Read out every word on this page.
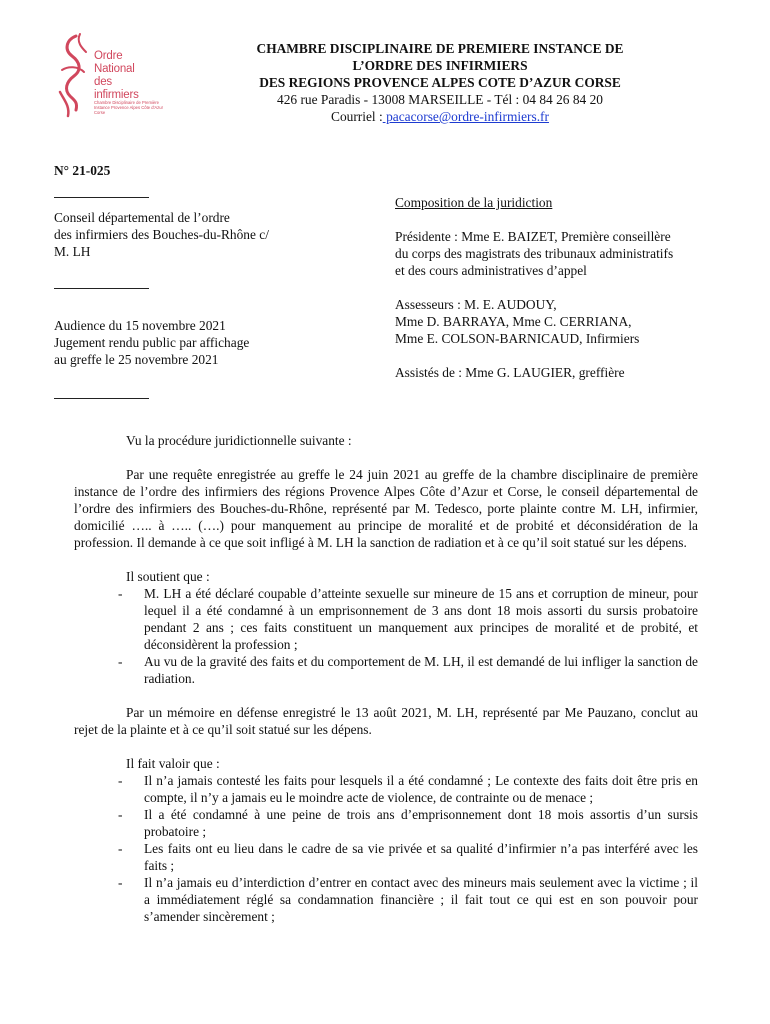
Ordre
National
des
infirmiers
Chambre Disciplinaire de Première Instance Provence Alpes Côte d'Azur Corse
CHAMBRE DISCIPLINAIRE DE PREMIERE INSTANCE DE
L’ORDRE DES INFIRMIERS
DES REGIONS PROVENCE ALPES COTE D’AZUR CORSE
426 rue Paradis - 13008 MARSEILLE - Tél : 04 84 26 84 20
Courriel : pacacorse@ordre-infirmiers.fr
N° 21-025
Conseil départemental de l’ordre
des infirmiers des Bouches-du-Rhône c/
M. LH
Audience du 15 novembre 2021
Jugement rendu public par affichage
au greffe le 25 novembre 2021
Composition de la juridiction
Présidente : Mme E. BAIZET, Première conseillère
du corps des magistrats des tribunaux administratifs
et des cours administratives d’appel
Assesseurs : M. E. AUDOUY,
Mme D. BARRAYA, Mme C. CERRIANA,
Mme E. COLSON-BARNICAUD, Infirmiers
Assistés de : Mme G. LAUGIER, greffière

Vu la procédure juridictionnelle suivante :

Par une requête enregistrée au greffe le 24 juin 2021 au greffe de la chambre disciplinaire de première instance de l’ordre des infirmiers des régions Provence Alpes Côte d’Azur et Corse, le conseil départemental de l’ordre des infirmiers des Bouches-du-Rhône, représenté par M. Tedesco, porte plainte contre M. LH, infirmier, domicilié ….. à ….. (….) pour manquement au principe de moralité et de probité et déconsidération de la profession. Il demande à ce que soit infligé à M. LH la sanction de radiation et à ce qu’il soit statué sur les dépens.

Il soutient que :

- M. LH a été déclaré coupable d’atteinte sexuelle sur mineure de 15 ans et corruption de mineur, pour lequel il a été condamné à un emprisonnement de 3 ans dont 18 mois assorti du sursis probatoire pendant 2 ans ; ces faits constituent un manquement aux principes de moralité et de probité, et déconsidèrent la profession ;
- Au vu de la gravité des faits et du comportement de M. LH, il est demandé de lui infliger la sanction de radiation.

Par un mémoire en défense enregistré le 13 août 2021, M. LH, représenté par Me Pauzano, conclut au rejet de la plainte et à ce qu’il soit statué sur les dépens.

Il fait valoir que :

- Il n’a jamais contesté les faits pour lesquels il a été condamné ; Le contexte des faits doit être pris en compte, il n’y a jamais eu le moindre acte de violence, de contrainte ou de menace ;
- Il a été condamné à une peine de trois ans d’emprisonnement dont 18 mois assortis d’un sursis probatoire ;
- Les faits ont eu lieu dans le cadre de sa vie privée et sa qualité d’infirmier n’a pas interféré avec les faits ;
- Il n’a jamais eu d’interdiction d’entrer en contact avec des mineurs mais seulement avec la victime ; il a immédiatement réglé sa condamnation financière ; il fait tout ce qui est en son pouvoir pour s’amender sincèrement ;
